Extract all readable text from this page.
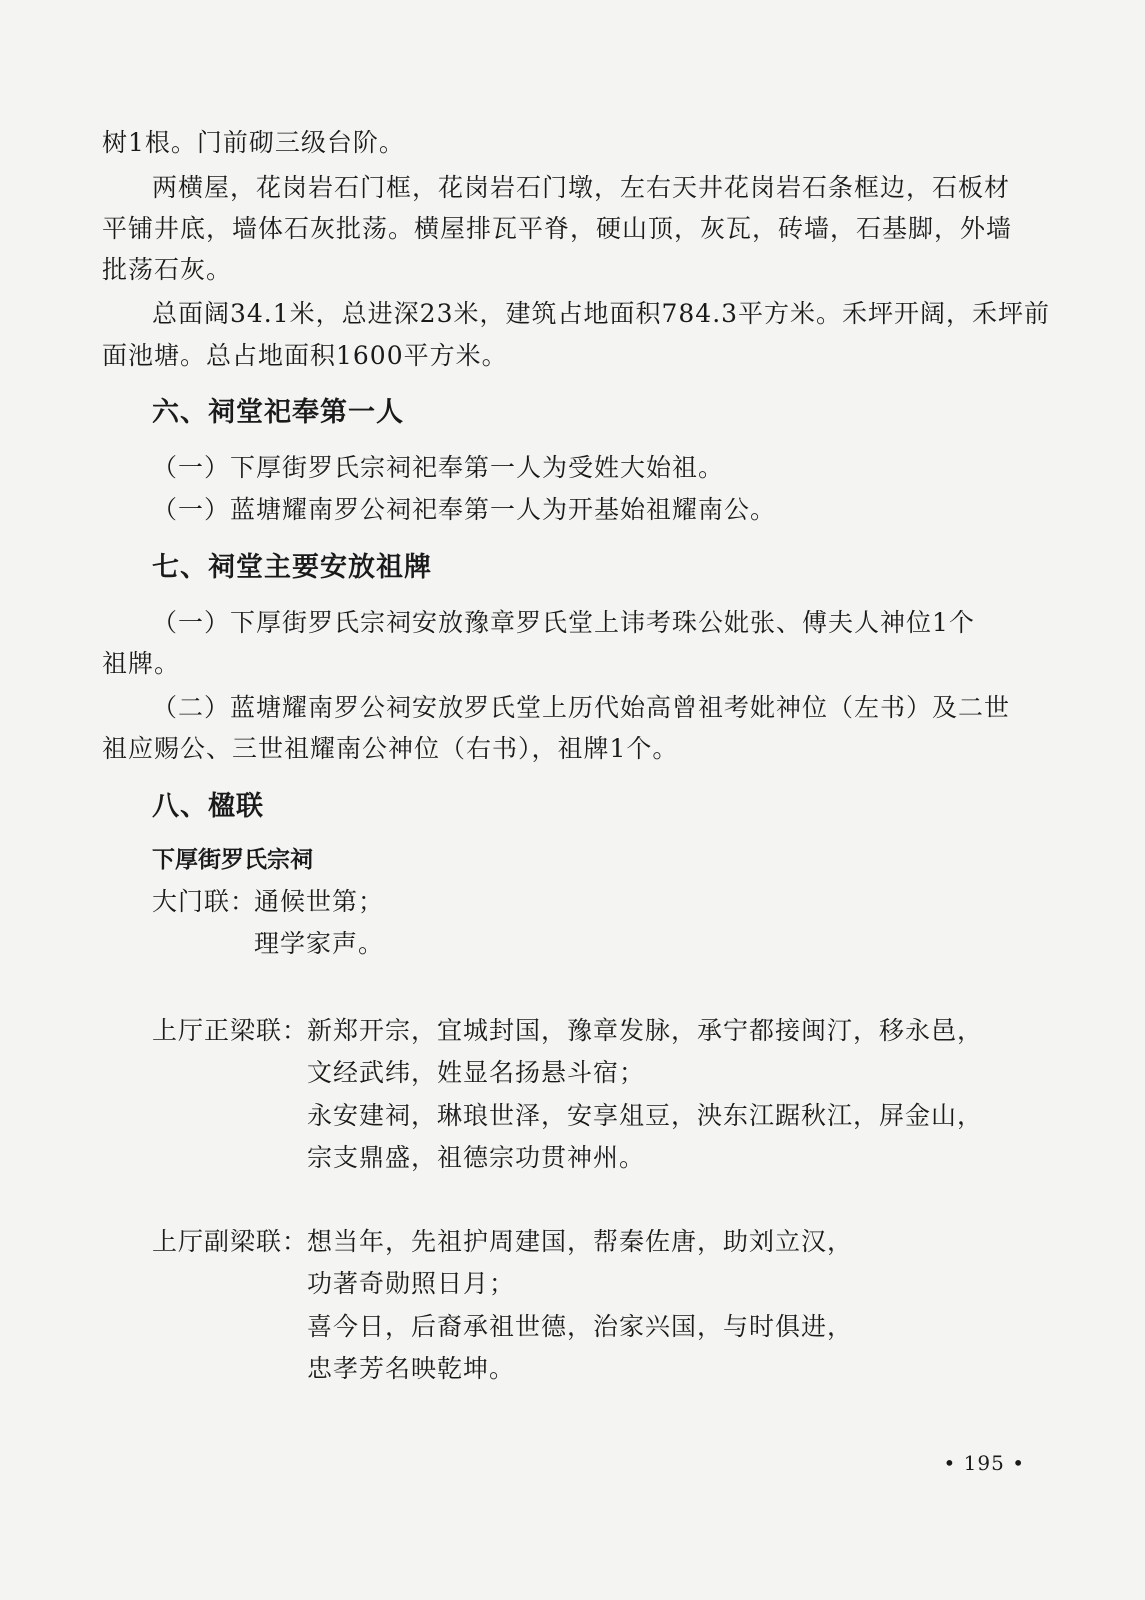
树1根。门前砌三级台阶。
两横屋，花岗岩石门框，花岗岩石门墩，左右天井花岗岩石条框边，石板材
平铺井底，墙体石灰批荡。横屋排瓦平脊，硬山顶，灰瓦，砖墙，石基脚，外墙
批荡石灰。
总面阔34.1米，总进深23米，建筑占地面积784.3平方米。禾坪开阔，禾坪前
面池塘。总占地面积1600平方米。
六、祠堂祀奉第一人
（一）下厚街罗氏宗祠祀奉第一人为受姓大始祖。
（一）蓝塘耀南罗公祠祀奉第一人为开基始祖耀南公。
七、祠堂主要安放祖牌
（一）下厚街罗氏宗祠安放豫章罗氏堂上讳考珠公妣张、傅夫人神位1个
祖牌。
（二）蓝塘耀南罗公祠安放罗氏堂上历代始高曾祖考妣神位（左书）及二世
祖应赐公、三世祖耀南公神位（右书），祖牌1个。
八、楹联
下厚街罗氏宗祠
大门联：
通候世第；
理学家声。
上厅正梁联：
新郑开宗，宜城封国，豫章发脉，承宁都接闽汀，移永邑，
文经武纬，姓显名扬悬斗宿；
永安建祠，琳琅世泽，安享俎豆，泱东江踞秋江，屏金山，
宗支鼎盛，祖德宗功贯神州。
上厅副梁联：
想当年，先祖护周建国，帮秦佐唐，助刘立汉，
功著奇勋照日月；
喜今日，后裔承祖世德，治家兴国，与时俱进，
忠孝芳名映乾坤。
• 195 •
